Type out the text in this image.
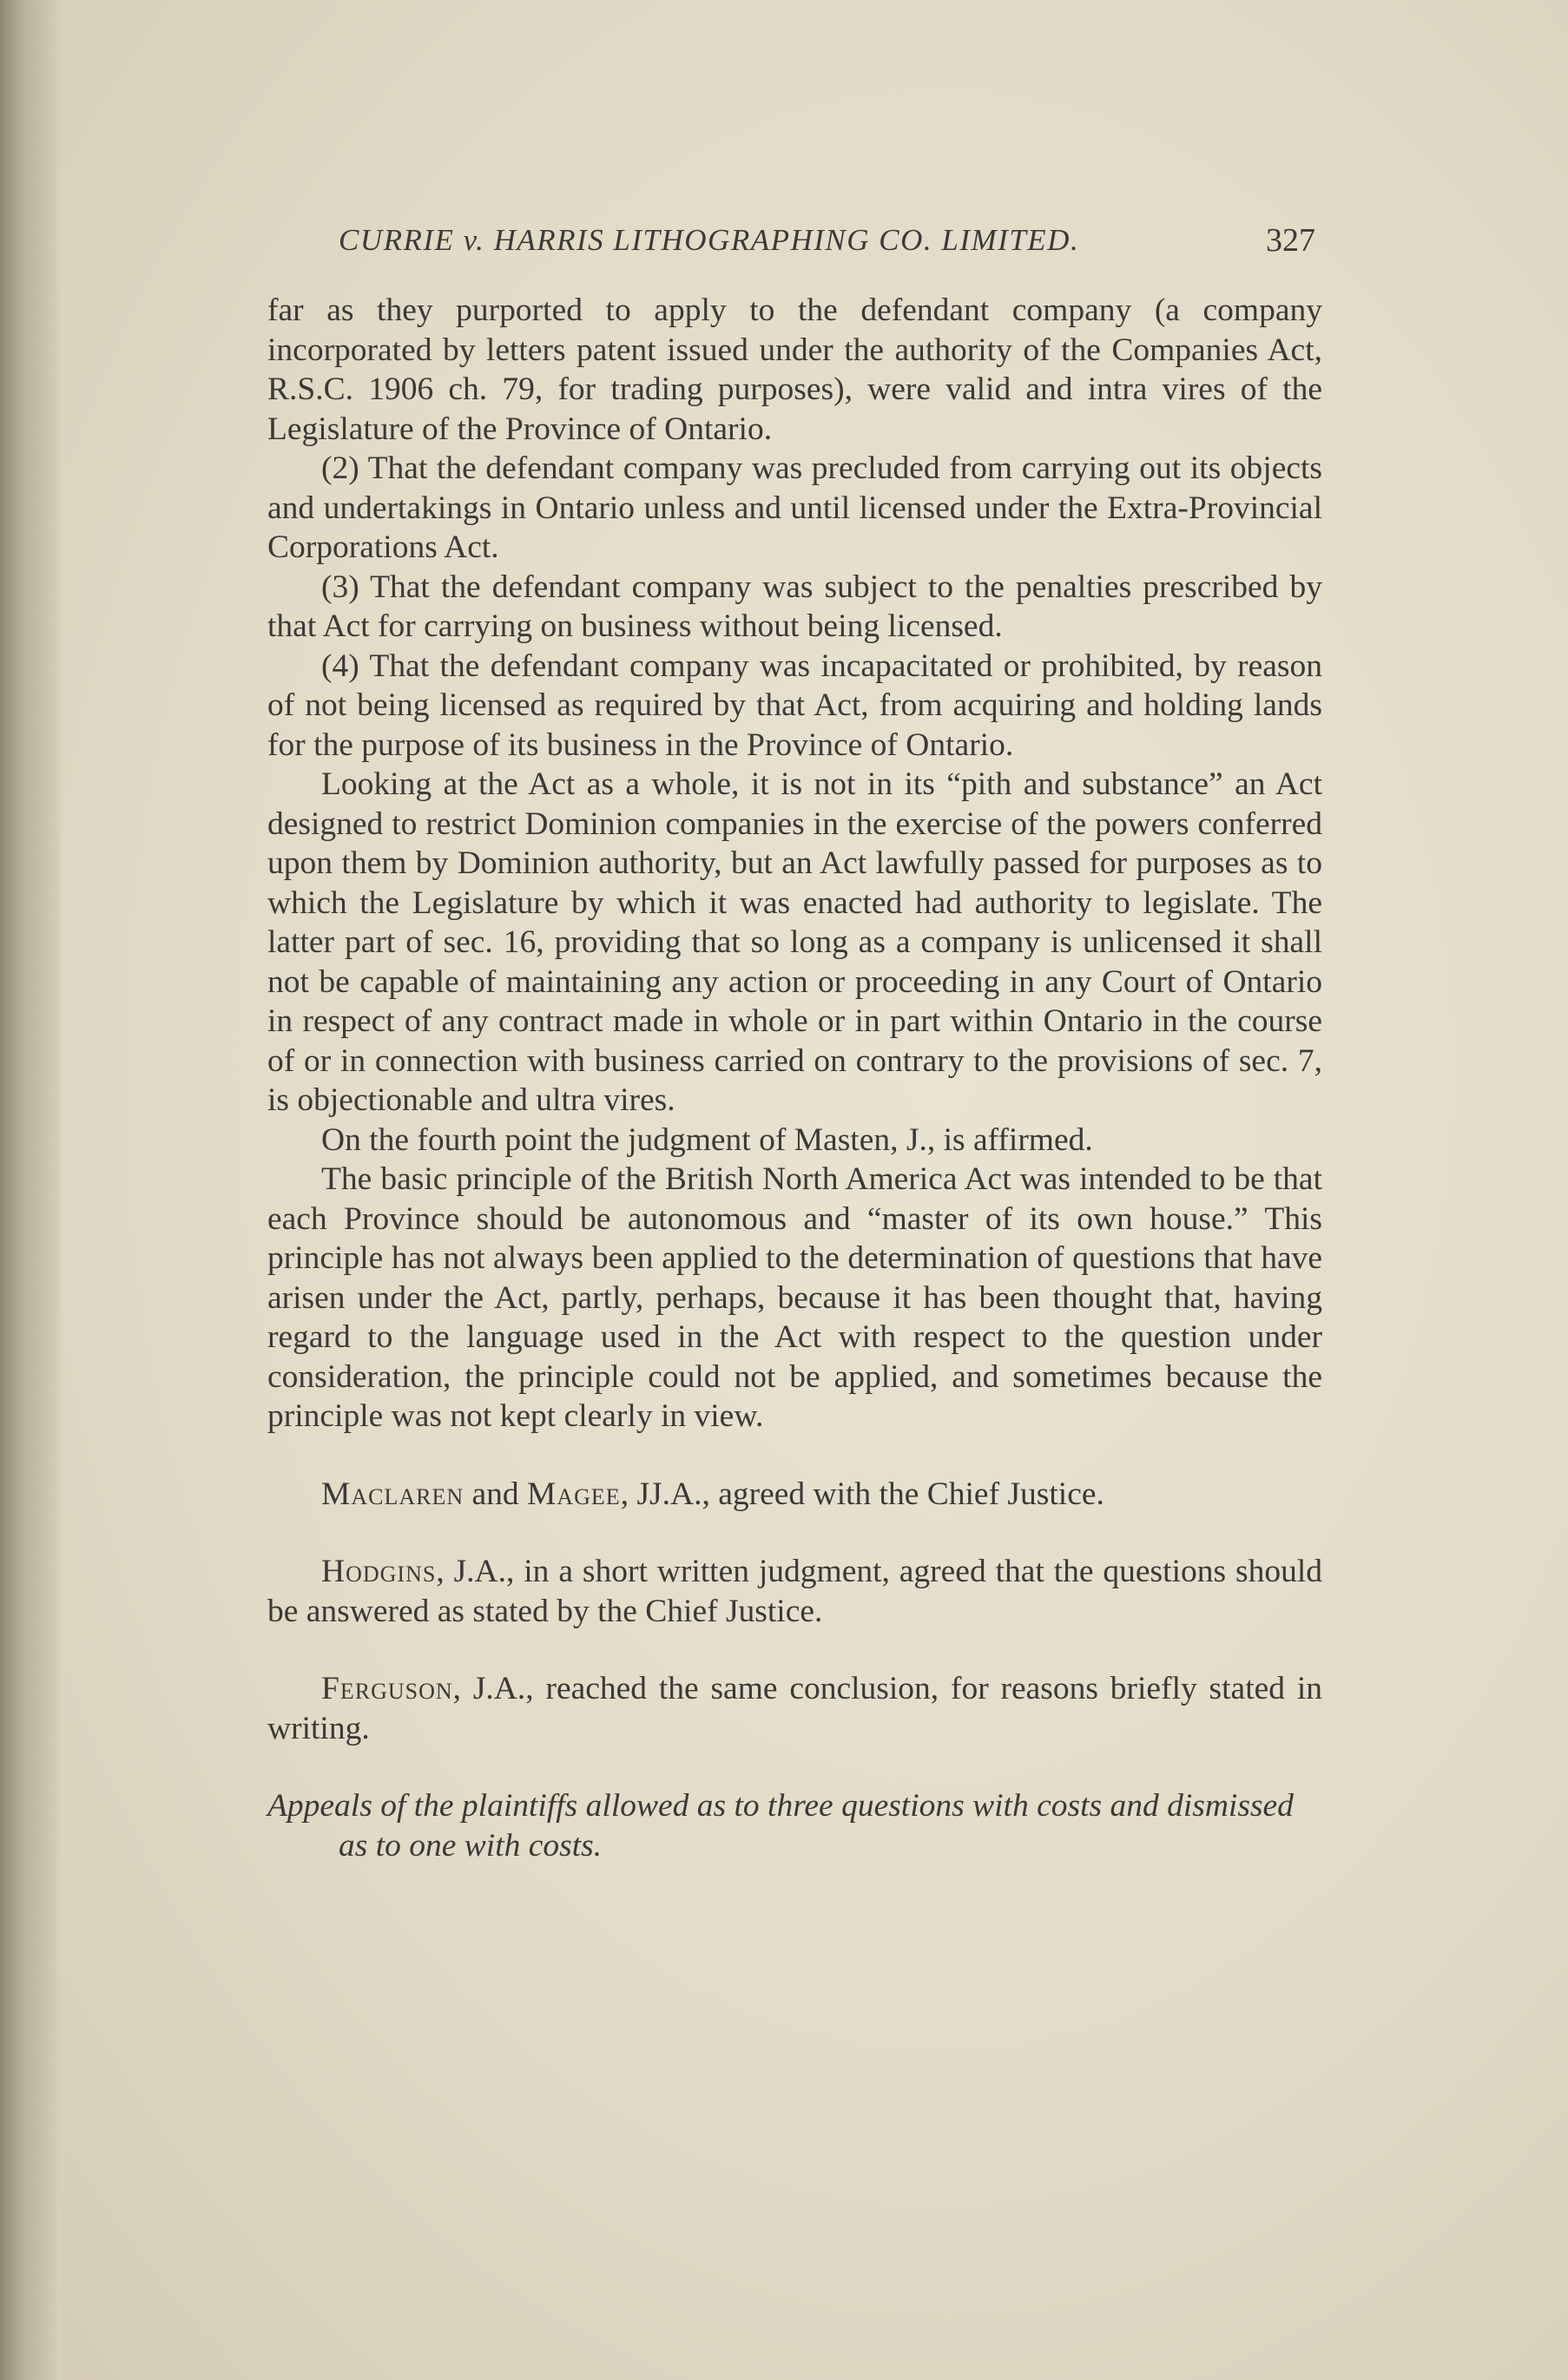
CURRIE v. HARRIS LITHOGRAPHING CO. LIMITED.	327

far as they purported to apply to the defendant company (a company incorporated by letters patent issued under the authority of the Companies Act, R.S.C. 1906 ch. 79, for trading purposes), were valid and intra vires of the Legislature of the Province of Ontario.

(2) That the defendant company was precluded from carrying out its objects and undertakings in Ontario unless and until licensed under the Extra-Provincial Corporations Act.

(3) That the defendant company was subject to the penalties prescribed by that Act for carrying on business without being licensed.

(4) That the defendant company was incapacitated or prohibited, by reason of not being licensed as required by that Act, from acquiring and holding lands for the purpose of its business in the Province of Ontario.

Looking at the Act as a whole, it is not in its “pith and substance” an Act designed to restrict Dominion companies in the exercise of the powers conferred upon them by Dominion authority, but an Act lawfully passed for purposes as to which the Legislature by which it was enacted had authority to legislate. The latter part of sec. 16, providing that so long as a company is unlicensed it shall not be capable of maintaining any action or proceeding in any Court of Ontario in respect of any contract made in whole or in part within Ontario in the course of or in connection with business carried on contrary to the provisions of sec. 7, is objectionable and ultra vires.

On the fourth point the judgment of Masten, J., is affirmed.

The basic principle of the British North America Act was intended to be that each Province should be autonomous and “master of its own house.” This principle has not always been applied to the determination of questions that have arisen under the Act, partly, perhaps, because it has been thought that, having regard to the language used in the Act with respect to the question under consideration, the principle could not be applied, and sometimes because the principle was not kept clearly in view.

Maclaren and Magee, JJ.A., agreed with the Chief Justice.

Hodgins, J.A., in a short written judgment, agreed that the questions should be answered as stated by the Chief Justice.

Ferguson, J.A., reached the same conclusion, for reasons briefly stated in writing.

Appeals of the plaintiffs allowed as to three questions with costs and dismissed as to one with costs.
